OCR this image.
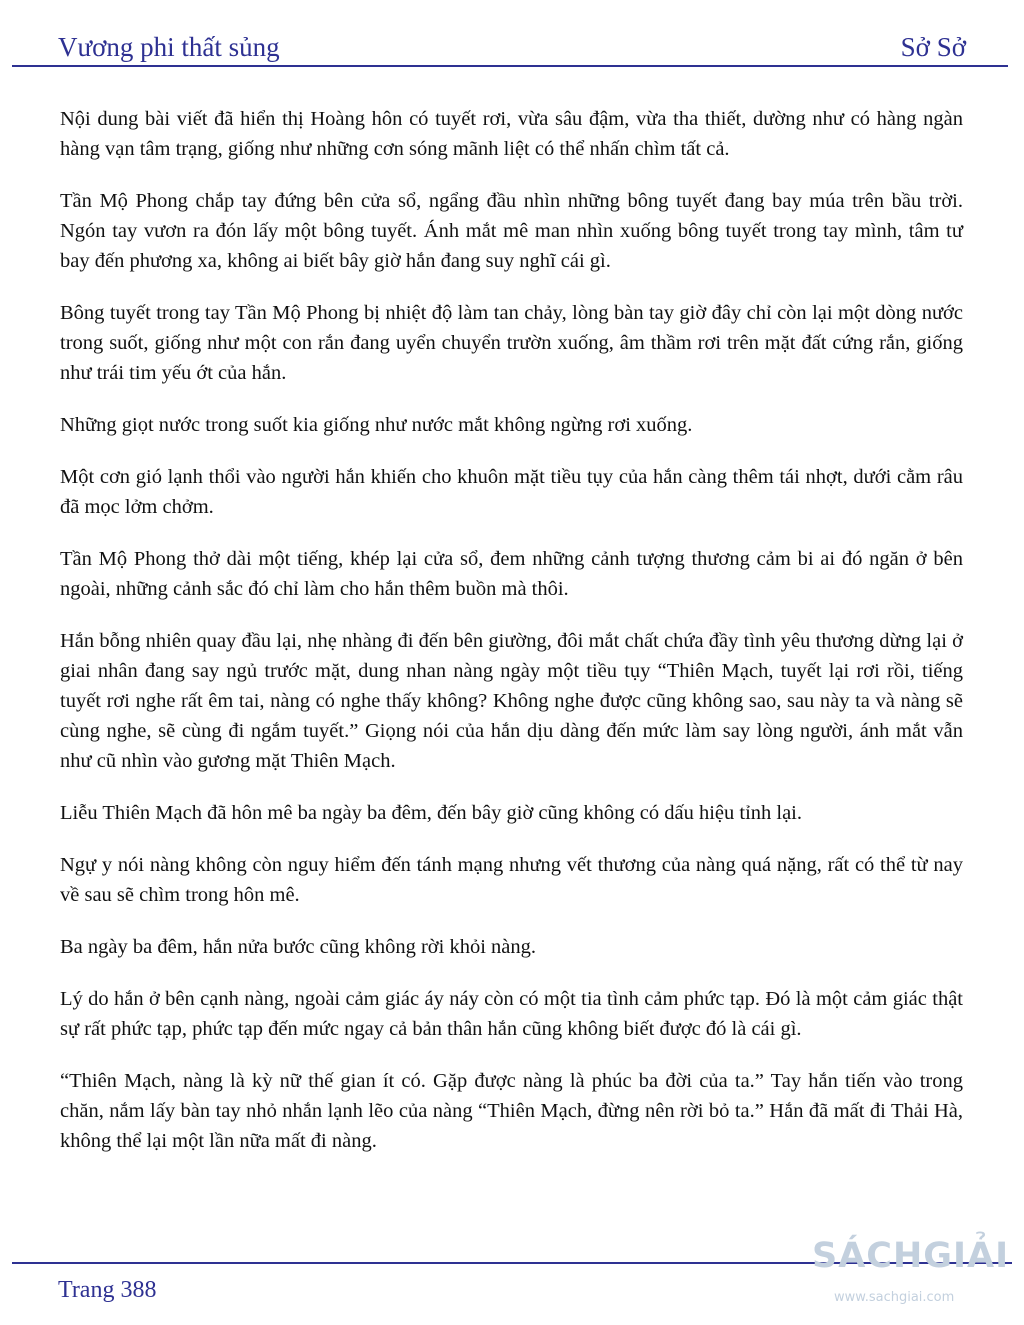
Vương phi thất sủng	Sở Sở

Nội dung bài viết đã hiển thị Hoàng hôn có tuyết rơi, vừa sâu đậm, vừa tha thiết, dường như có hàng ngàn hàng vạn tâm trạng, giống như những cơn sóng mãnh liệt có thể nhấn chìm tất cả.

Tần Mộ Phong chắp tay đứng bên cửa sổ, ngẩng đầu nhìn những bông tuyết đang bay múa trên bầu trời. Ngón tay vươn ra đón lấy một bông tuyết. Ánh mắt mê man nhìn xuống bông tuyết trong tay mình, tâm tư bay đến phương xa, không ai biết bây giờ hắn đang suy nghĩ cái gì.

Bông tuyết trong tay Tần Mộ Phong bị nhiệt độ làm tan chảy, lòng bàn tay giờ đây chỉ còn lại một dòng nước trong suốt, giống như một con rắn đang uyển chuyển trườn xuống, âm thầm rơi trên mặt đất cứng rắn, giống như trái tim yếu ớt của hắn.

Những giọt nước trong suốt kia giống như nước mắt không ngừng rơi xuống.

Một cơn gió lạnh thổi vào người hắn khiến cho khuôn mặt tiều tụy của hắn càng thêm tái nhợt, dưới cằm râu đã mọc lởm chởm.

Tần Mộ Phong thở dài một tiếng, khép lại cửa sổ, đem những cảnh tượng thương cảm bi ai đó ngăn ở bên ngoài, những cảnh sắc đó chỉ làm cho hắn thêm buồn mà thôi.

Hắn bỗng nhiên quay đầu lại, nhẹ nhàng đi đến bên giường, đôi mắt chất chứa đầy tình yêu thương dừng lại ở giai nhân đang say ngủ trước mặt, dung nhan nàng ngày một tiều tụy “Thiên Mạch, tuyết lại rơi rồi, tiếng tuyết rơi nghe rất êm tai, nàng có nghe thấy không? Không nghe được cũng không sao, sau này ta và nàng sẽ cùng nghe, sẽ cùng đi ngắm tuyết.” Giọng nói của hắn dịu dàng đến mức làm say lòng người, ánh mắt vẫn như cũ nhìn vào gương mặt Thiên Mạch.

Liễu Thiên Mạch đã hôn mê ba ngày ba đêm, đến bây giờ cũng không có dấu hiệu tỉnh lại.

Ngự y nói nàng không còn nguy hiểm đến tánh mạng nhưng vết thương của nàng quá nặng, rất có thể từ nay về sau sẽ chìm trong hôn mê.

Ba ngày ba đêm, hắn nửa bước cũng không rời khỏi nàng.

Lý do hắn ở bên cạnh nàng, ngoài cảm giác áy náy còn có một tia tình cảm phức tạp. Đó là một cảm giác thật sự rất phức tạp, phức tạp đến mức ngay cả bản thân hắn cũng không biết được đó là cái gì.

“Thiên Mạch, nàng là kỳ nữ thế gian ít có. Gặp được nàng là phúc ba đời của ta.” Tay hắn tiến vào trong chăn, nắm lấy bàn tay nhỏ nhắn lạnh lẽo của nàng “Thiên Mạch, đừng nên rời bỏ ta.” Hắn đã mất đi Thải Hà, không thể lại một lần nữa mất đi nàng.

Trang 388
SÁCHGIẢI
www.sachgiai.com
